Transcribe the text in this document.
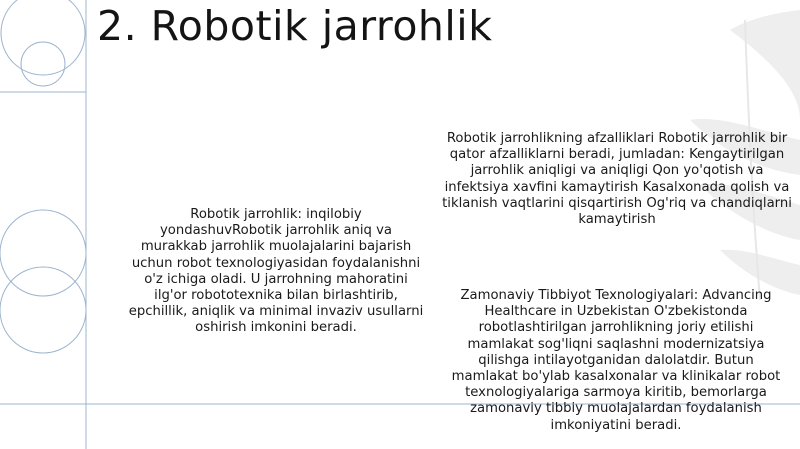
2. Robotik jarrohlik

Robotik jarrohlik: inqilobiy yondashuvRobotik jarrohlik aniq va murakkab jarrohlik muolajalarini bajarish uchun robot texnologiyasidan foydalanishni o'z ichiga oladi. U jarrohning mahoratini ilg'or robototexnika bilan birlashtirib, epchillik, aniqlik va minimal invaziv usullarni oshirish imkonini beradi.

Robotik jarrohlikning afzalliklari Robotik jarrohlik bir qator afzalliklarni beradi, jumladan: Kengaytirilgan jarrohlik aniqligi va aniqligi Qon yo'qotish va infektsiya xavfini kamaytirish Kasalxonada qolish va tiklanish vaqtlarini qisqartirish Og'riq va chandiqlarni kamaytirish

Zamonaviy Tibbiyot Texnologiyalari: Advancing Healthcare in Uzbekistan O'zbekistonda robotlashtirilgan jarrohlikning joriy etilishi mamlakat sog'liqni saqlashni modernizatsiya qilishga intilayotganidan dalolatdir. Butun mamlakat bo'ylab kasalxonalar va klinikalar robot texnologiyalariga sarmoya kiritib, bemorlarga zamonaviy tibbiy muolajalardan foydalanish imkoniyatini beradi.
